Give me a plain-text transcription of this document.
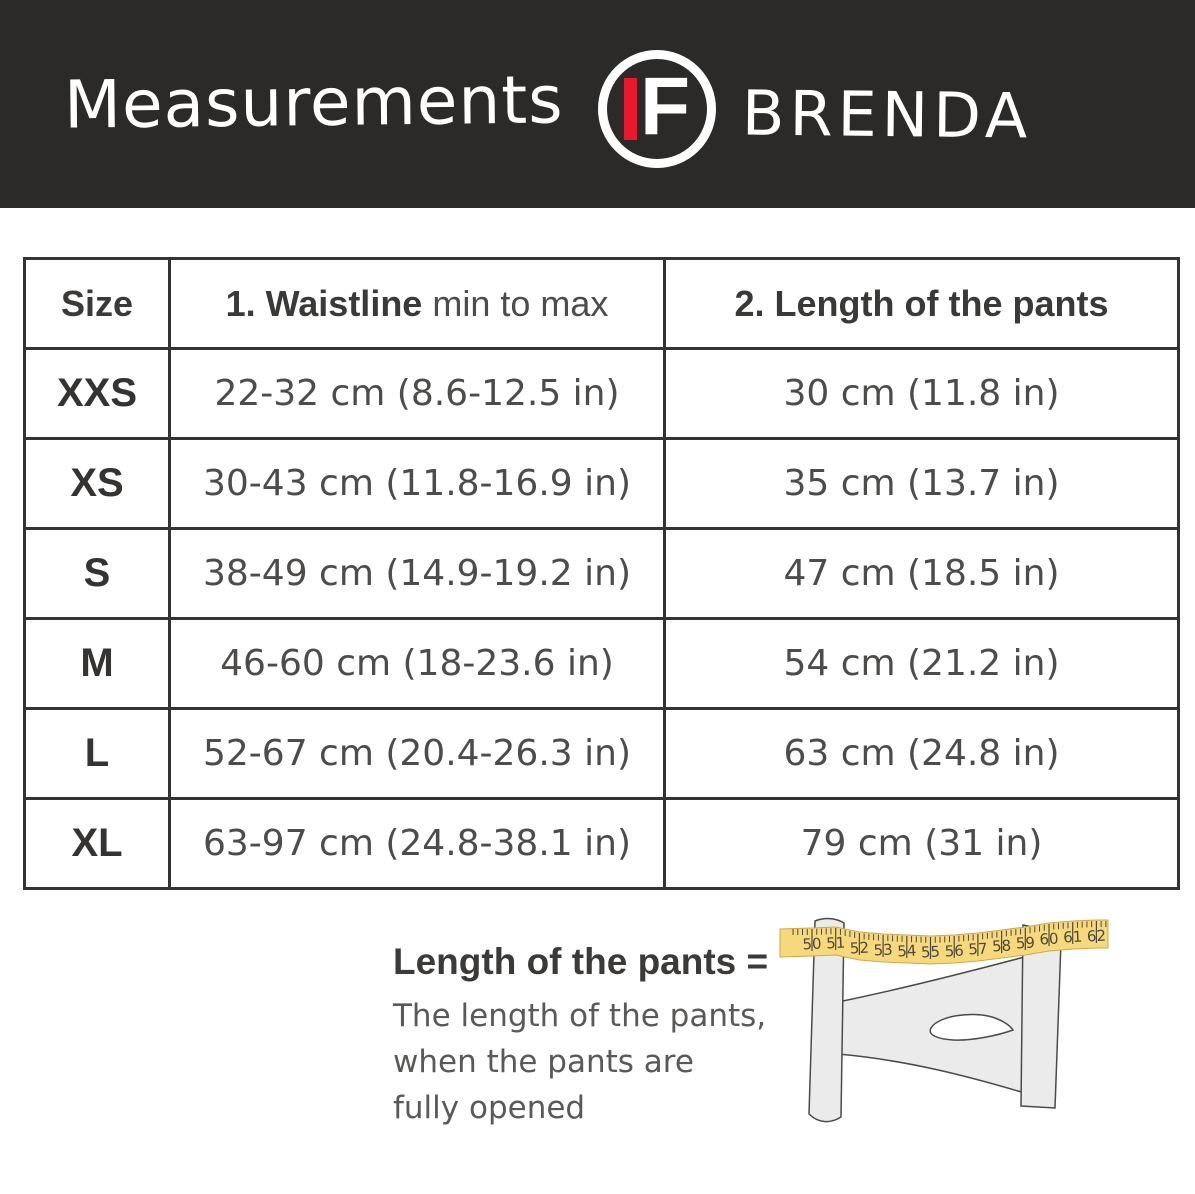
Measurements F BRENDA
Size	1. Waistline min to max	2. Length of the pants
XXS	22-32 cm (8.6-12.5 in)	30 cm (11.8 in)
XS	30-43 cm (11.8-16.9 in)	35 cm (13.7 in)
S	38-49 cm (14.9-19.2 in)	47 cm (18.5 in)
M	46-60 cm (18-23.6 in)	54 cm (21.2 in)
L	52-67 cm (20.4-26.3 in)	63 cm (24.8 in)
XL	63-97 cm (24.8-38.1 in)	79 cm (31 in)
Length of the pants =
The length of the pants,
when the pants are
fully opened
50 51 52 53 54 55 56 57 58 59 60 61 62
